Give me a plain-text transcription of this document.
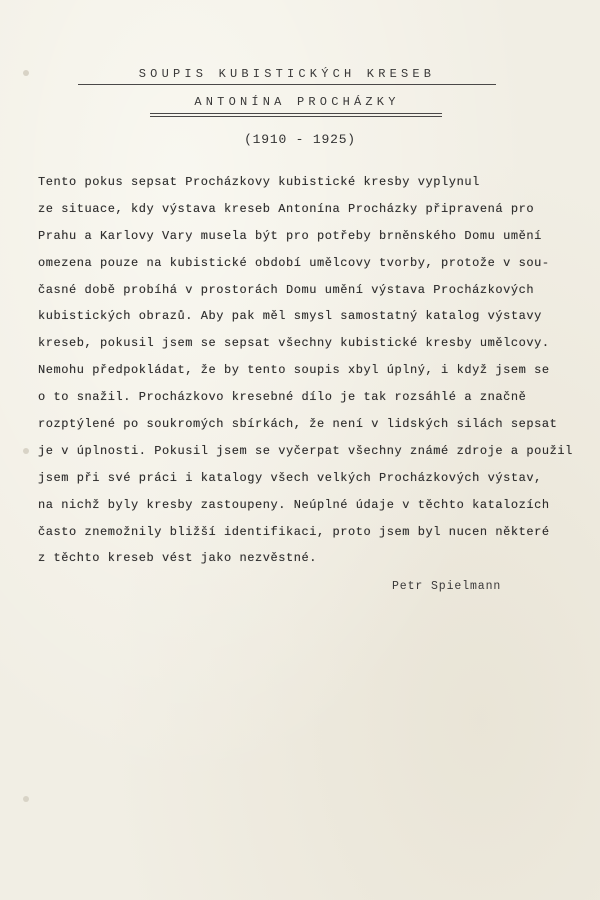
SOUPIS KUBISTICKÝCH KRESEB
ANTONÍNA PROCHÁZKY
(1910 - 1925)
Tento pokus sepsat Procházkovy kubistické kresby vyplynul
ze situace, kdy výstava kreseb Antonína Procházky připravená pro
Prahu a Karlovy Vary musela být pro potřeby brněnského Domu umění
omezena pouze na kubistické období umělcovy tvorby, protože v sou-
časné době probíhá v prostorách Domu umění výstava Procházkových
kubistických obrazů. Aby pak měl smysl samostatný katalog výstavy
kreseb, pokusil jsem se sepsat všechny kubistické kresby umělcovy.
Nemohu předpokládat, že by tento soupis xbyl úplný, i když jsem se
o to snažil. Procházkovo kresebné dílo je tak rozsáhlé a značně
rozptýlené po soukromých sbírkách, že není v lidských silách sepsat
je v úplnosti. Pokusil jsem se vyčerpat všechny známé zdroje a použil
jsem při své práci i katalogy všech velkých Procházkových výstav,
na nichž byly kresby zastoupeny. Neúplné údaje v těchto katalozích
často znemožnily bližší identifikaci, proto jsem byl nucen některé
z těchto kreseb vést jako nezvěstné.
Petr Spielmann
